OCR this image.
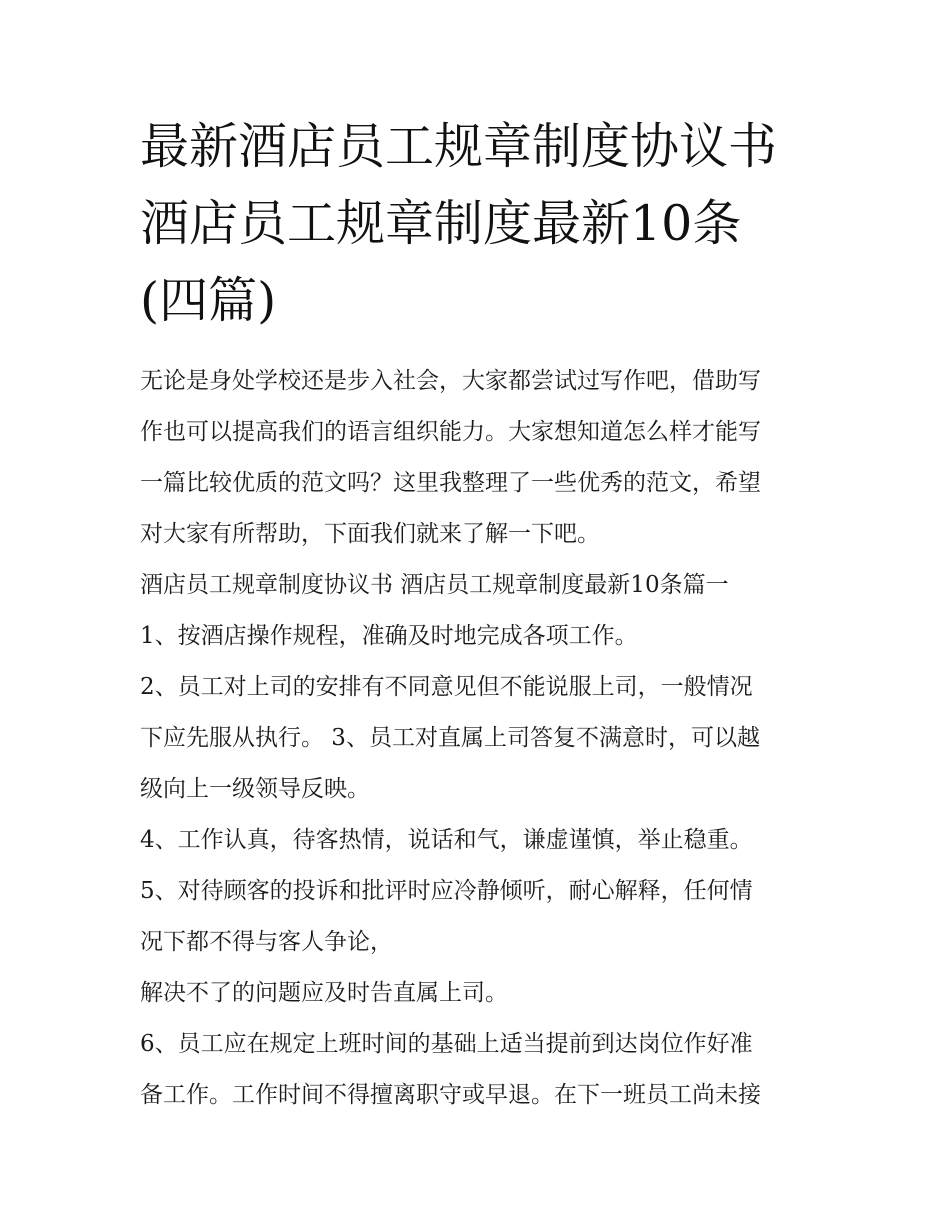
最新酒店员工规章制度协议书
酒店员工规章制度最新10条
(四篇)
无论是身处学校还是步入社会，大家都尝试过写作吧，借助写
作也可以提高我们的语言组织能力。大家想知道怎么样才能写
一篇比较优质的范文吗？这里我整理了一些优秀的范文，希望
对大家有所帮助，下面我们就来了解一下吧。
酒店员工规章制度协议书 酒店员工规章制度最新10条篇一
1、按酒店操作规程，准确及时地完成各项工作。
2、员工对上司的安排有不同意见但不能说服上司，一般情况
下应先服从执行。 3、员工对直属上司答复不满意时，可以越
级向上一级领导反映。
4、工作认真，待客热情，说话和气，谦虚谨慎，举止稳重。
5、对待顾客的投诉和批评时应冷静倾听，耐心解释，任何情
况下都不得与客人争论，
解决不了的问题应及时告直属上司。
6、员工应在规定上班时间的基础上适当提前到达岗位作好准
备工作。工作时间不得擅离职守或早退。在下一班员工尚未接
